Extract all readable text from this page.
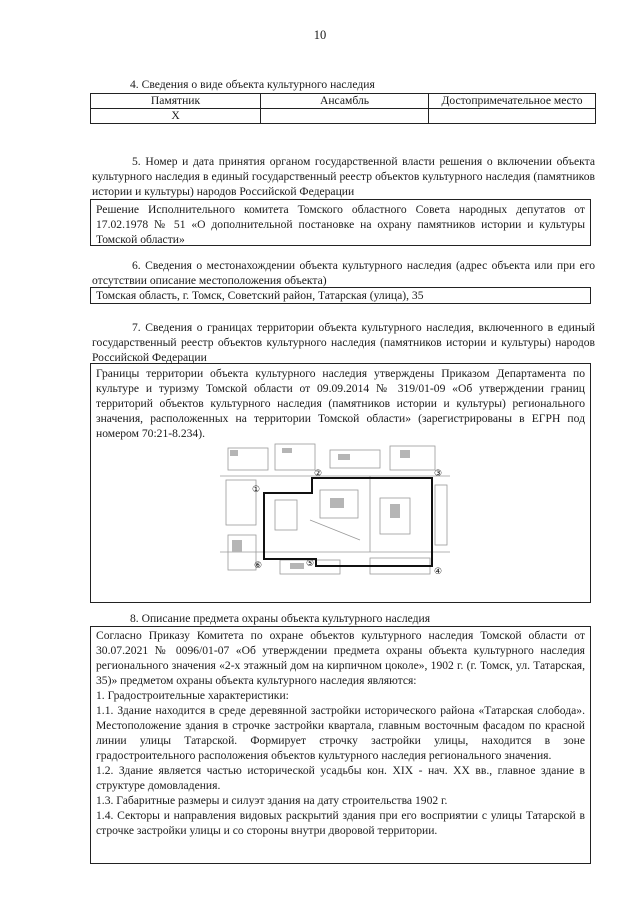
10
4. Сведения о виде объекта культурного наследия
Памятник	Ансамбль	Достопримечательное место
Х		
5. Номер и дата принятия органом государственной власти решения о включении объекта культурного наследия в единый государственный реестр объектов культурного наследия (памятников истории и культуры) народов Российской Федерации
Решение Исполнительного комитета Томского областного Совета народных депутатов от 17.02.1978 № 51 «О дополнительной постановке на охрану памятников истории и культуры Томской области»
6. Сведения о местонахождении объекта культурного наследия (адрес объекта или при его отсутствии описание местоположения объекта)
Томская область, г. Томск, Советский район, Татарская (улица), 35
7. Сведения о границах территории объекта культурного наследия, включенного в единый государственный реестр объектов культурного наследия (памятников истории и культуры) народов Российской Федерации
Границы территории объекта культурного наследия утверждены Приказом Департамента по культуре и туризму Томской области от 09.09.2014 № 319/01-09 «Об утверждении границ территорий объектов культурного наследия (памятников истории и культуры) регионального значения, расположенных на территории Томской области» (зарегистрированы в ЕГРН под номером 70:21-8.234).
①
②	③
④
⑤
⑥
8. Описание предмета охраны объекта культурного наследия
Согласно Приказу Комитета по охране объектов культурного наследия Томской области от 30.07.2021 № 0096/01-07 «Об утверждении предмета охраны объекта культурного наследия регионального значения «2-х этажный дом на кирпичном цоколе», 1902 г. (г. Томск, ул. Татарская, 35)» предметом охраны объекта культурного наследия являются:
1. Градостроительные характеристики:
1.1. Здание находится в среде деревянной застройки исторического района «Татарская слобода». Местоположение здания в строчке застройки квартала, главным восточным фасадом по красной линии улицы Татарской. Формирует строчку застройки улицы, находится в зоне градостроительного расположения объектов культурного наследия регионального значения.
1.2. Здание является частью исторической усадьбы кон. XIX - нач. XX вв., главное здание в структуре домовладения.
1.3. Габаритные размеры и силуэт здания на дату строительства 1902 г.
1.4. Секторы и направления видовых раскрытий здания при его восприятии с улицы Татарской в строчке застройки улицы и со стороны внутри дворовой территории.
